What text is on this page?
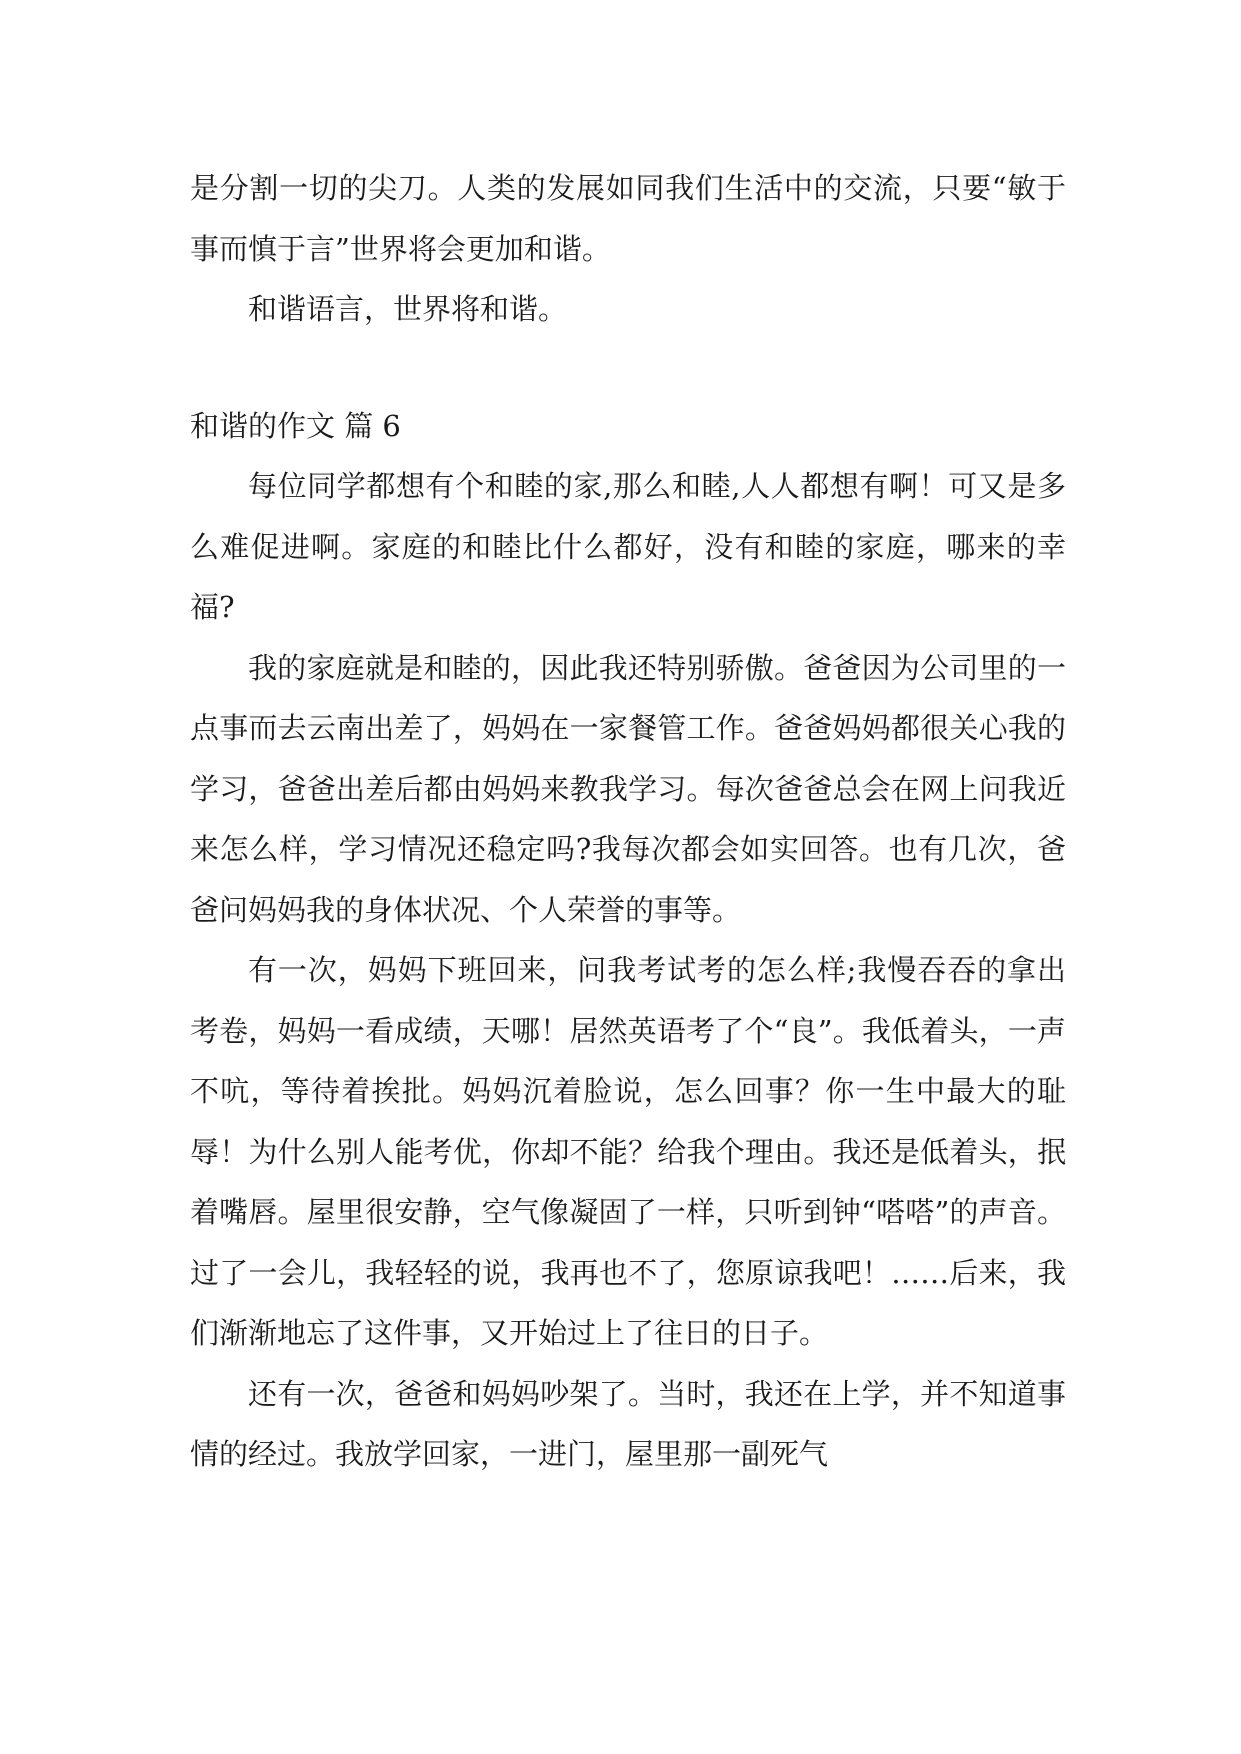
是分割一切的尖刀。人类的发展如同我们生活中的交流，只要“敏于事而慎于言”世界将会更加和谐。

和谐语言，世界将和谐。

和谐的作文 篇 6

每位同学都想有个和睦的家,那么和睦,人人都想有啊！可又是多么难促进啊。家庭的和睦比什么都好，没有和睦的家庭，哪来的幸福?

我的家庭就是和睦的，因此我还特别骄傲。爸爸因为公司里的一点事而去云南出差了，妈妈在一家餐管工作。爸爸妈妈都很关心我的学习，爸爸出差后都由妈妈来教我学习。每次爸爸总会在网上问我近来怎么样，学习情况还稳定吗?我每次都会如实回答。也有几次，爸爸问妈妈我的身体状况、个人荣誉的事等。

有一次，妈妈下班回来，问我考试考的怎么样;我慢吞吞的拿出考卷，妈妈一看成绩，天哪！居然英语考了个“良”。我低着头，一声不吭，等待着挨批。妈妈沉着脸说，怎么回事？你一生中最大的耻辱！为什么别人能考优，你却不能？给我个理由。我还是低着头，抿着嘴唇。屋里很安静，空气像凝固了一样，只听到钟“嗒嗒”的声音。过了一会儿，我轻轻的说，我再也不了，您原谅我吧！……后来，我们渐渐地忘了这件事，又开始过上了往日的日子。

还有一次，爸爸和妈妈吵架了。当时，我还在上学，并不知道事情的经过。我放学回家，一进门，屋里那一副死气
